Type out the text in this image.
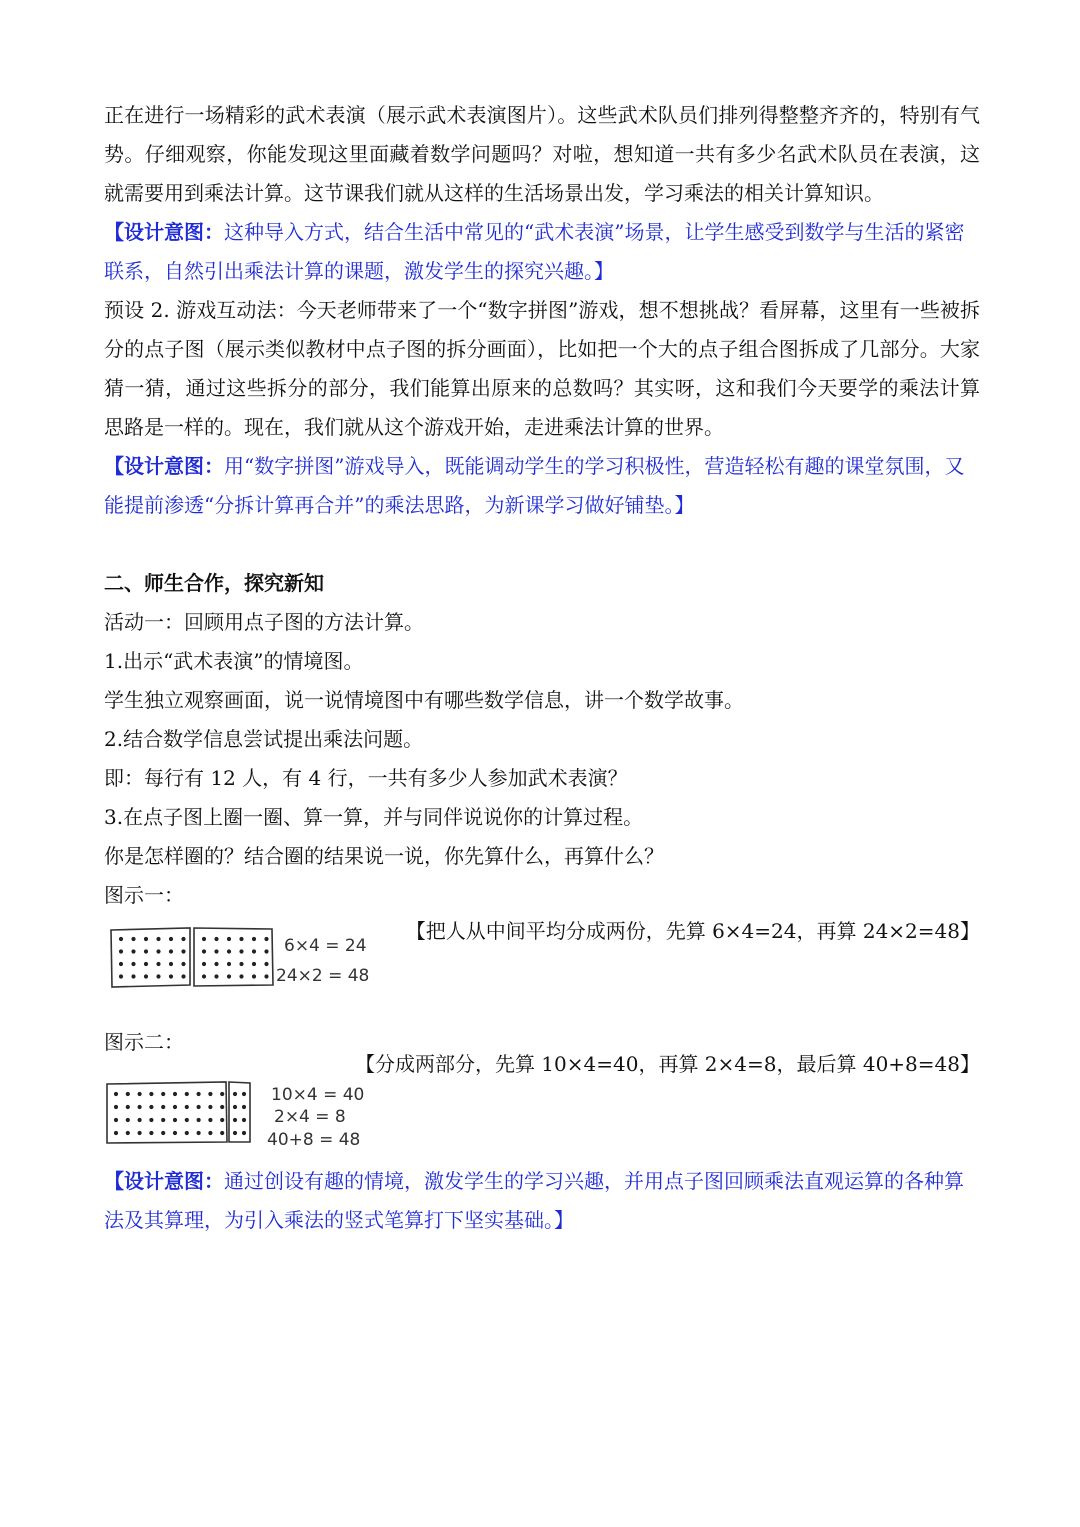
正在进行一场精彩的武术表演（展示武术表演图片）。这些武术队员们排列得整整齐齐的，特别有气势。仔细观察，你能发现这里面藏着数学问题吗？对啦，想知道一共有多少名武术队员在表演，这就需要用到乘法计算。这节课我们就从这样的生活场景出发，学习乘法的相关计算知识。

【设计意图：这种导入方式，结合生活中常见的“武术表演”场景，让学生感受到数学与生活的紧密联系，自然引出乘法计算的课题，激发学生的探究兴趣。】

预设 2. 游戏互动法：今天老师带来了一个“数字拼图”游戏，想不想挑战？看屏幕，这里有一些被拆分的点子图（展示类似教材中点子图的拆分画面），比如把一个大的点子组合图拆成了几部分。大家猜一猜，通过这些拆分的部分，我们能算出原来的总数吗？其实呀，这和我们今天要学的乘法计算思路是一样的。现在，我们就从这个游戏开始，走进乘法计算的世界。

【设计意图：用“数字拼图”游戏导入，既能调动学生的学习积极性，营造轻松有趣的课堂氛围，又能提前渗透“分拆计算再合并”的乘法思路，为新课学习做好铺垫。】

二、师生合作，探究新知

活动一：回顾用点子图的方法计算。

1.出示“武术表演”的情境图。

学生独立观察画面，说一说情境图中有哪些数学信息，讲一个数学故事。

2.结合数学信息尝试提出乘法问题。

即：每行有 12 人，有 4 行，一共有多少人参加武术表演？

3.在点子图上圈一圈、算一算，并与同伴说说你的计算过程。

你是怎样圈的？结合圈的结果说一说，你先算什么，再算什么？

图示一：

6×4 = 24
24×2 = 48
【把人从中间平均分成两份，先算 6×4=24，再算 24×2=48】

图示二：

10×4 = 40
2×4 = 8
40+8 = 48
【分成两部分，先算 10×4=40，再算 2×4=8，最后算 40+8=48】

【设计意图：通过创设有趣的情境，激发学生的学习兴趣，并用点子图回顾乘法直观运算的各种算法及其算理，为引入乘法的竖式笔算打下坚实基础。】
